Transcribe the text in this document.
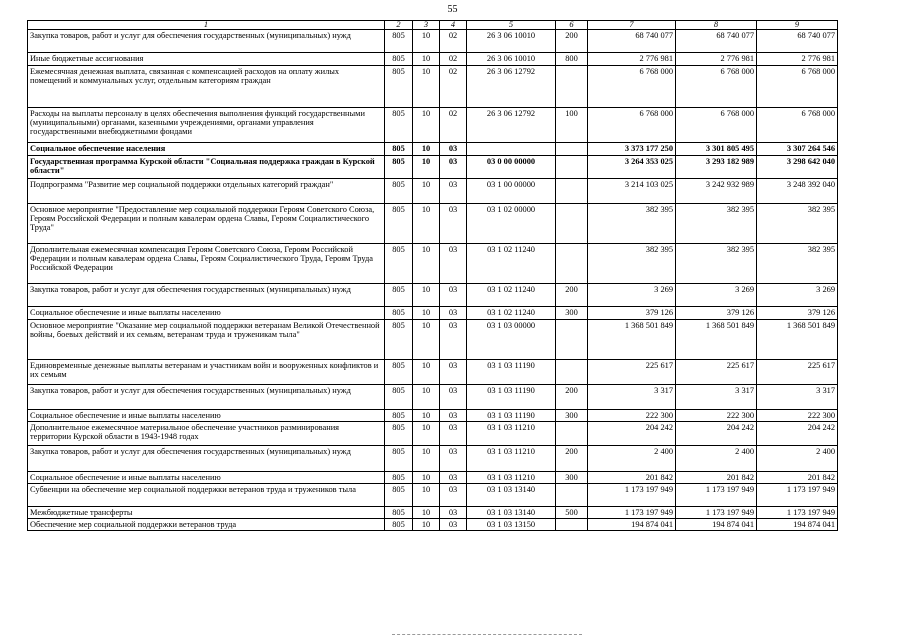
55
1	2	3	4	5	6	7	8	9
Закупка товаров, работ и услуг для обеспечения государственных (муниципальных) нужд	805	10	02	26 3 06 10010	200	68 740 077	68 740 077	68 740 077
Иные бюджетные ассигнования	805	10	02	26 3 06 10010	800	2 776 981	2 776 981	2 776 981
Ежемесячная денежная выплата, связанная с компенсацией расходов на оплату жилых помещений и коммунальных услуг, отдельным категориям граждан	805	10	02	26 3 06 12792		6 768 000	6 768 000	6 768 000
Расходы на выплаты персоналу в целях обеспечения выполнения функций государственными (муниципальными) органами, казенными учреждениями, органами управления государственными внебюджетными фондами	805	10	02	26 3 06 12792	100	6 768 000	6 768 000	6 768 000
Социальное обеспечение населения	805	10	03			3 373 177 250	3 301 805 495	3 307 264 546
Государственная программа Курской области "Социальная поддержка граждан в Курской области"	805	10	03	03 0 00 00000		3 264 353 025	3 293 182 989	3 298 642 040
Подпрограмма "Развитие мер социальной поддержки отдельных категорий граждан"	805	10	03	03 1 00 00000		3 214 103 025	3 242 932 989	3 248 392 040
Основное мероприятие "Предоставление мер социальной поддержки Героям Советского Союза, Героям Российской Федерации и полным кавалерам ордена Славы, Героям Социалистического Труда"	805	10	03	03 1 02 00000		382 395	382 395	382 395
Дополнительная ежемесячная компенсация Героям Советского Союза, Героям Российской Федерации и полным кавалерам ордена Славы, Героям Социалистического Труда, Героям Труда Российской Федерации	805	10	03	03 1 02 11240		382 395	382 395	382 395
Закупка товаров, работ и услуг для обеспечения государственных (муниципальных) нужд	805	10	03	03 1 02 11240	200	3 269	3 269	3 269
Социальное обеспечение и иные выплаты населению	805	10	03	03 1 02 11240	300	379 126	379 126	379 126
Основное мероприятие "Оказание мер социальной поддержки ветеранам Великой Отечественной войны, боевых действий и их семьям, ветеранам труда и труженикам тыла"	805	10	03	03 1 03 00000		1 368 501 849	1 368 501 849	1 368 501 849
Единовременные денежные выплаты ветеранам и участникам войн и вооруженных конфликтов и их семьям	805	10	03	03 1 03 11190		225 617	225 617	225 617
Закупка товаров, работ и услуг для обеспечения государственных (муниципальных) нужд	805	10	03	03 1 03 11190	200	3 317	3 317	3 317
Социальное обеспечение и иные выплаты населению	805	10	03	03 1 03 11190	300	222 300	222 300	222 300
Дополнительное ежемесячное материальное обеспечение участников разминирования территории Курской области в 1943-1948 годах	805	10	03	03 1 03 11210		204 242	204 242	204 242
Закупка товаров, работ и услуг для обеспечения государственных (муниципальных) нужд	805	10	03	03 1 03 11210	200	2 400	2 400	2 400
Социальное обеспечение и иные выплаты населению	805	10	03	03 1 03 11210	300	201 842	201 842	201 842
Субвенции на обеспечение мер социальной поддержки ветеранов труда и тружеников тыла	805	10	03	03 1 03 13140		1 173 197 949	1 173 197 949	1 173 197 949
Межбюджетные трансферты	805	10	03	03 1 03 13140	500	1 173 197 949	1 173 197 949	1 173 197 949
Обеспечение мер социальной поддержки ветеранов труда	805	10	03	03 1 03 13150		194 874 041	194 874 041	194 874 041
